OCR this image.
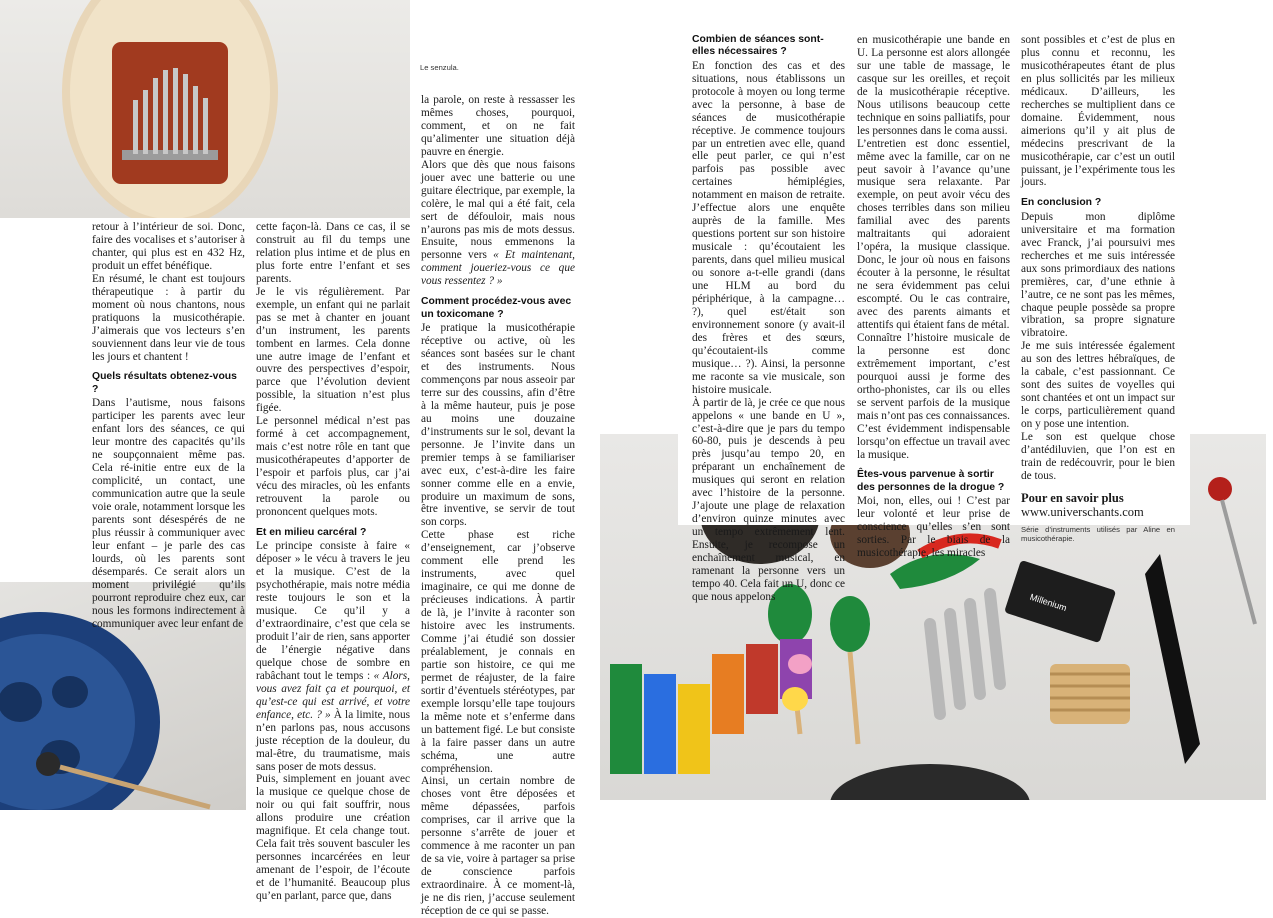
Le senzula.

retour à l’intérieur de soi. Donc, faire des vocalises et s’autoriser à chanter, qui plus est en 432 Hz, produit un effet bénéfique.

En résumé, le chant est toujours thérapeutique : à partir du moment où nous chantons, nous pratiquons la musicothérapie. J’aimerais que vos lecteurs s’en souviennent dans leur vie de tous les jours et chantent !

Quels résultats obtenez-vous ?

Dans l’autisme, nous faisons participer les parents avec leur enfant lors des séances, ce qui leur montre des capacités qu’ils ne soupçonnaient même pas. Cela ré-initie entre eux de la complicité, un contact, une communication autre que la seule voie orale, notamment lorsque les parents sont désespérés de ne plus réussir à communiquer avec leur enfant – je parle des cas lourds, où les parents sont désemparés. Ce serait alors un moment privilégié qu’ils pourront reproduire chez eux, car nous les formons indirectement à communiquer avec leur enfant de

cette façon-là. Dans ce cas, il se construit au fil du temps une relation plus intime et de plus en plus forte entre l’enfant et ses parents.

Je le vis régulièrement. Par exemple, un enfant qui ne parlait pas se met à chanter en jouant d’un instrument, les parents tombent en larmes. Cela donne une autre image de l’enfant et ouvre des perspectives d’espoir, parce que l’évolution devient possible, la situation n’est plus figée.

Le personnel médical n’est pas formé à cet accompagnement, mais c’est notre rôle en tant que musicothérapeutes d’apporter de l’espoir et parfois plus, car j’ai vécu des miracles, où les enfants retrouvent la parole ou prononcent quelques mots.

Et en milieu carcéral ?

Le principe consiste à faire « déposer » le vécu à travers le jeu et la musique. C’est de la psychothérapie, mais notre média reste toujours le son et la musique. Ce qu’il y a d’extraordinaire, c’est que cela se produit l’air de rien, sans apporter de l’énergie négative dans quelque chose de sombre en rabâchant tout le temps : « Alors, vous avez fait ça et pourquoi, et qu’est-ce qui est arrivé, et votre enfance, etc. ? » À la limite, nous n’en parlons pas, nous accusons juste réception de la douleur, du mal-être, du traumatisme, mais sans poser de mots dessus.

Puis, simplement en jouant avec la musique ce quelque chose de noir ou qui fait souffrir, nous allons produire une création magnifique. Et cela change tout. Cela fait très souvent basculer les personnes incarcérées en leur amenant de l’espoir, de l’écoute et de l’humanité. Beaucoup plus qu’en parlant, parce que, dans

la parole, on reste à ressasser les mêmes choses, pourquoi, comment, et on ne fait qu’alimenter une situation déjà pauvre en énergie.

Alors que dès que nous faisons jouer avec une batterie ou une guitare électrique, par exemple, la colère, le mal qui a été fait, cela sert de défouloir, mais nous n’aurons pas mis de mots dessus. Ensuite, nous emmenons la personne vers « Et maintenant, comment joueriez-vous ce que vous ressentez ? »

Comment procédez-vous avec un toxicomane ?

Je pratique la musicothérapie réceptive ou active, où les séances sont basées sur le chant et des instruments. Nous commençons par nous asseoir par terre sur des coussins, afin d’être à la même hauteur, puis je pose au moins une douzaine d’instruments sur le sol, devant la personne. Je l’invite dans un premier temps à se familiariser avec eux, c’est-à-dire les faire sonner comme elle en a envie, produire un maximum de sons, être inventive, se servir de tout son corps.

Cette phase est riche d’enseignement, car j’observe comment elle prend les instruments, avec quel imaginaire, ce qui me donne de précieuses indications. À partir de là, je l’invite à raconter son histoire avec les instruments. Comme j’ai étudié son dossier préalablement, je connais en partie son histoire, ce qui me permet de réajuster, de la faire sortir d’éventuels stéréotypes, par exemple lorsqu’elle tape toujours la même note et s’enferme dans un battement figé. Le but consiste à la faire passer dans un autre schéma, une autre compréhension.

Ainsi, un certain nombre de choses vont être déposées et même dépassées, parfois comprises, car il arrive que la personne s’arrête de jouer et commence à me raconter un pan de sa vie, voire à partager sa prise de conscience parfois extraordinaire. À ce moment-là, je ne dis rien, j’accuse seulement réception de ce qui se passe.

Millenium
Combien de séances sont-elles nécessaires ?

En fonction des cas et des situations, nous établissons un protocole à moyen ou long terme avec la personne, à base de séances de musicothérapie réceptive. Je commence toujours par un entretien avec elle, quand elle peut parler, ce qui n’est parfois pas possible avec certaines hémiplégies, notamment en maison de retraite. J’effectue alors une enquête auprès de la famille. Mes questions portent sur son histoire musicale : qu’écoutaient les parents, dans quel milieu musical ou sonore a-t-elle grandi (dans une HLM au bord du périphérique, à la campagne… ?), quel est/était son environnement sonore (y avait-il des frères et des sœurs, qu’écoutaient-ils comme musique… ?). Ainsi, la personne me raconte sa vie musicale, son histoire musicale.

À partir de là, je crée ce que nous appelons « une bande en U », c’est-à-dire que je pars du tempo 60-80, puis je descends à peu près jusqu’au tempo 20, en préparant un enchaînement de musiques qui seront en relation avec l’histoire de la personne. J’ajoute une plage de relaxation d’environ quinze minutes avec un tempo extrêmement lent. Ensuite, je recompose un enchaînement musical, en ramenant la personne vers un tempo 40. Cela fait un U, donc ce que nous appelons

en musicothérapie une bande en U. La personne est alors allongée sur une table de massage, le casque sur les oreilles, et reçoit de la musicothérapie réceptive. Nous utilisons beaucoup cette technique en soins palliatifs, pour les personnes dans le coma aussi.

L’entretien est donc essentiel, même avec la famille, car on ne peut savoir à l’avance qu’une musique sera relaxante. Par exemple, on peut avoir vécu des choses terribles dans son milieu familial avec des parents maltraitants qui adoraient l’opéra, la musique classique. Donc, le jour où nous en faisons écouter à la personne, le résultat ne sera évidemment pas celui escompté. Ou le cas contraire, avec des parents aimants et attentifs qui étaient fans de métal.

Connaître l’histoire musicale de la personne est donc extrêmement important, c’est pourquoi aussi je forme des ortho-phonistes, car ils ou elles se servent parfois de la musique mais n’ont pas ces connaissances. C’est évidemment indispensable lorsqu’on effectue un travail avec la musique.

Êtes-vous parvenue à sortir des personnes de la drogue ?

Moi, non, elles, oui ! C’est par leur volonté et leur prise de conscience qu’elles s’en sont sorties. Par le biais de la musicothérapie, les miracles

sont possibles et c’est de plus en plus connu et reconnu, les musicothérapeutes étant de plus en plus sollicités par les milieux médicaux. D’ailleurs, les recherches se multiplient dans ce domaine. Évidemment, nous aimerions qu’il y ait plus de médecins prescrivant de la musicothérapie, car c’est un outil puissant, je l’expérimente tous les jours.

En conclusion ?

Depuis mon diplôme universitaire et ma formation avec Franck, j’ai poursuivi mes recherches et me suis intéressée aux sons primordiaux des nations premières, car, d’une ethnie à l’autre, ce ne sont pas les mêmes, chaque peuple possède sa propre vibration, sa propre signature vibratoire.

Je me suis intéressée également au son des lettres hébraïques, de la cabale, c’est passionnant. Ce sont des suites de voyelles qui sont chantées et ont un impact sur le corps, particulièrement quand on y pose une intention.

Le son est quelque chose d’antédiluvien, que l’on est en train de redécouvrir, pour le bien de tous.

Pour en savoir plus
www.universchants.com
Série d’instruments utilisés par Aline en musicothérapie.
